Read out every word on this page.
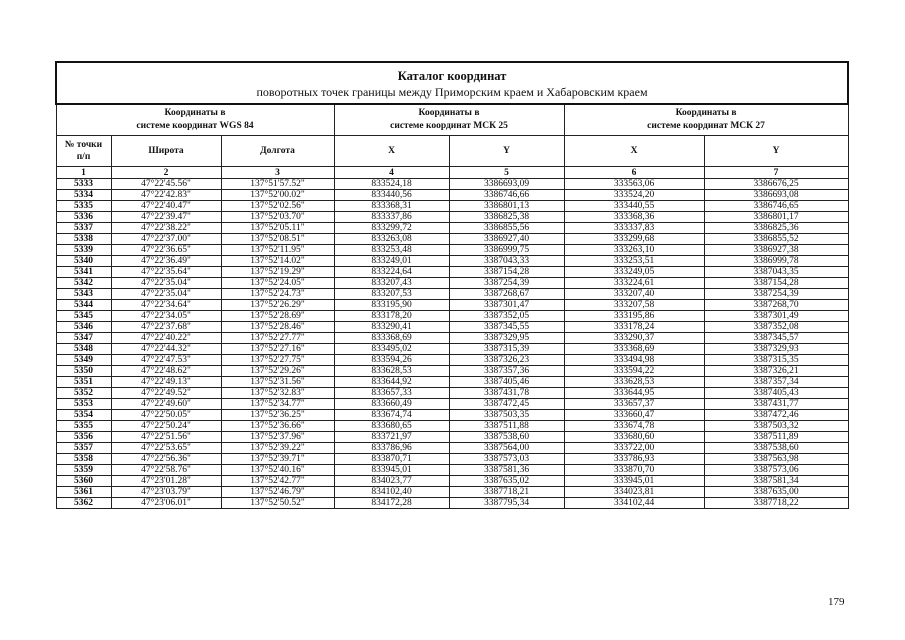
Каталог координат
поворотных точек границы между Приморским краем и Хабаровским краем						

Координаты в
системе координат WGS 84			Координаты в
системе координат МСК 25		Координаты в
системе координат МСК 27	
№ точки
п/п	Широта	Долгота	X	Y	X	Y
1	2	3	4	5	6	7
5333	47°22'45.56"	137°51'57.52"	833524,18	3386693,09	333563,06	3386676,25
5334	47°22'42.83"	137°52'00.02"	833440,56	3386746,66	333524,20	3386693,08
5335	47°22'40.47"	137°52'02.56"	833368,31	3386801,13	333440,55	3386746,65
5336	47°22'39.47"	137°52'03.70"	833337,86	3386825,38	333368,36	3386801,17
5337	47°22'38.22"	137°52'05.11"	833299,72	3386855,56	333337,83	3386825,36
5338	47°22'37.00"	137°52'08.51"	833263,08	3386927,40	333299,68	3386855,52
5339	47°22'36.65"	137°52'11.95"	833253,48	3386999,75	333263,10	3386927,38
5340	47°22'36.49"	137°52'14.02"	833249,01	3387043,33	333253,51	3386999,78
5341	47°22'35.64"	137°52'19.29"	833224,64	3387154,28	333249,05	3387043,35
5342	47°22'35.04"	137°52'24.05"	833207,43	3387254,39	333224,61	3387154,28
5343	47°22'35.04"	137°52'24.73"	833207,53	3387268,67	333207,40	3387254,39
5344	47°22'34.64"	137°52'26.29"	833195,90	3387301,47	333207,58	3387268,70
5345	47°22'34.05"	137°52'28.69"	833178,20	3387352,05	333195,86	3387301,49
5346	47°22'37.68"	137°52'28.46"	833290,41	3387345,55	333178,24	3387352,08
5347	47°22'40.22"	137°52'27.77"	833368,69	3387329,95	333290,37	3387345,57
5348	47°22'44.32"	137°52'27.16"	833495,02	3387315,39	333368,69	3387329,93
5349	47°22'47.53"	137°52'27.75"	833594,26	3387326,23	333494,98	3387315,35
5350	47°22'48.62"	137°52'29.26"	833628,53	3387357,36	333594,22	3387326,21
5351	47°22'49.13"	137°52'31.56"	833644,92	3387405,46	333628,53	3387357,34
5352	47°22'49.52"	137°52'32.83"	833657,33	3387431,78	333644,95	3387405,43
5353	47°22'49.60"	137°52'34.77"	833660,49	3387472,45	333657,37	3387431,77
5354	47°22'50.05"	137°52'36.25"	833674,74	3387503,35	333660,47	3387472,46
5355	47°22'50.24"	137°52'36.66"	833680,65	3387511,88	333674,78	3387503,32
5356	47°22'51.56"	137°52'37.96"	833721,97	3387538,60	333680,60	3387511,89
5357	47°22'53.65"	137°52'39.22"	833786,96	3387564,00	333722,00	3387538,60
5358	47°22'56.36"	137°52'39.71"	833870,71	3387573,03	333786,93	3387563,98
5359	47°22'58.76"	137°52'40.16"	833945,01	3387581,36	333870,70	3387573,06
5360	47°23'01.28"	137°52'42.77"	834023,77	3387635,02	333945,01	3387581,34
5361	47°23'03.79"	137°52'46.79"	834102,40	3387718,21	334023,81	3387635,00
5362	47°23'06.01"	137°52'50.52"	834172,28	3387795,34	334102,44	3387718,22
179
